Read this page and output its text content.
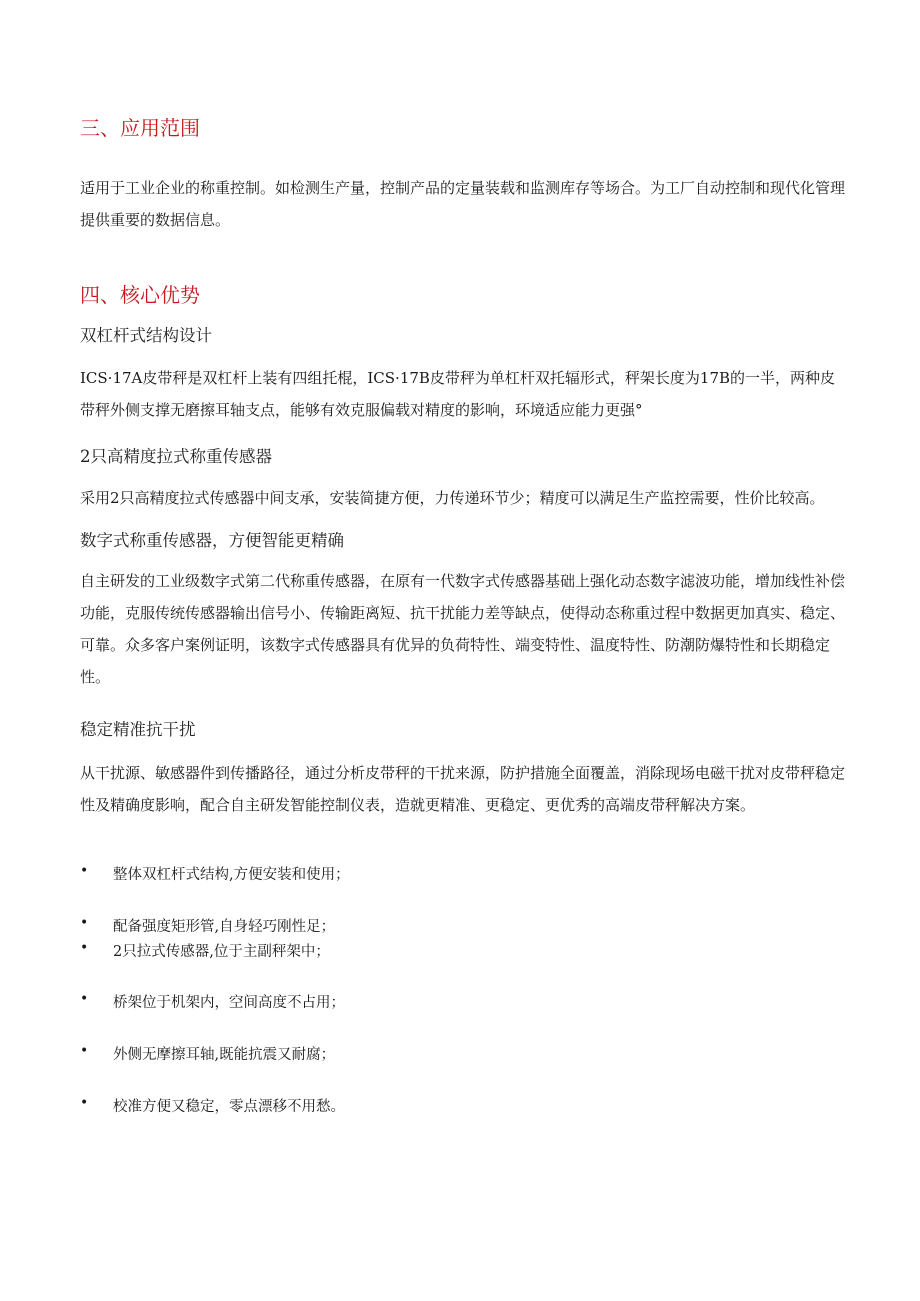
三、应用范围

适用于工业企业的称重控制。如检测生产量，控制产品的定量装载和监测库存等场合。为工厂自动控制和现代化管理提供重要的数据信息。

四、核心优势
双杠杆式结构设计

ICS·17A皮带秤是双杠杆上装有四组托棍，ICS·17B皮带秤为单杠杆双托辐形式，秤架长度为17B的一半，两种皮带秤外侧支撑无磨擦耳轴支点，能够有效克服偏载对精度的影响，环境适应能力更强°

2只高精度拉式称重传感器

采用2只高精度拉式传感器中间支承，安装简捷方便，力传递环节少；精度可以满足生产监控需要，性价比较高。

数字式称重传感器，方便智能更精确

自主研发的工业级数字式第二代称重传感器，在原有一代数字式传感器基础上强化动态数字滤波功能，增加线性补偿功能，克服传统传感器输出信号小、传输距离短、抗干扰能力差等缺点，使得动态称重过程中数据更加真实、稳定、可靠。众多客户案例证明，该数字式传感器具有优异的负荷特性、端变特性、温度特性、防潮防爆特性和长期稳定性。

稳定精准抗干扰

从干扰源、敏感器件到传播路径，通过分析皮带秤的干扰来源，防护措施全面覆盖，消除现场电磁干扰对皮带秤稳定性及精确度影响，配合自主研发智能控制仪表，造就更精准、更稳定、更优秀的高端皮带秤解决方案。

• 整体双杠杆式结构,方便安装和使用；
• 配备强度矩形管,自身轻巧刚性足；
• 2只拉式传感器,位于主副秤架中；
• 桥架位于机架内，空间高度不占用；
• 外侧无摩擦耳轴,既能抗震又耐腐；
• 校准方便又稳定，零点漂移不用愁。
